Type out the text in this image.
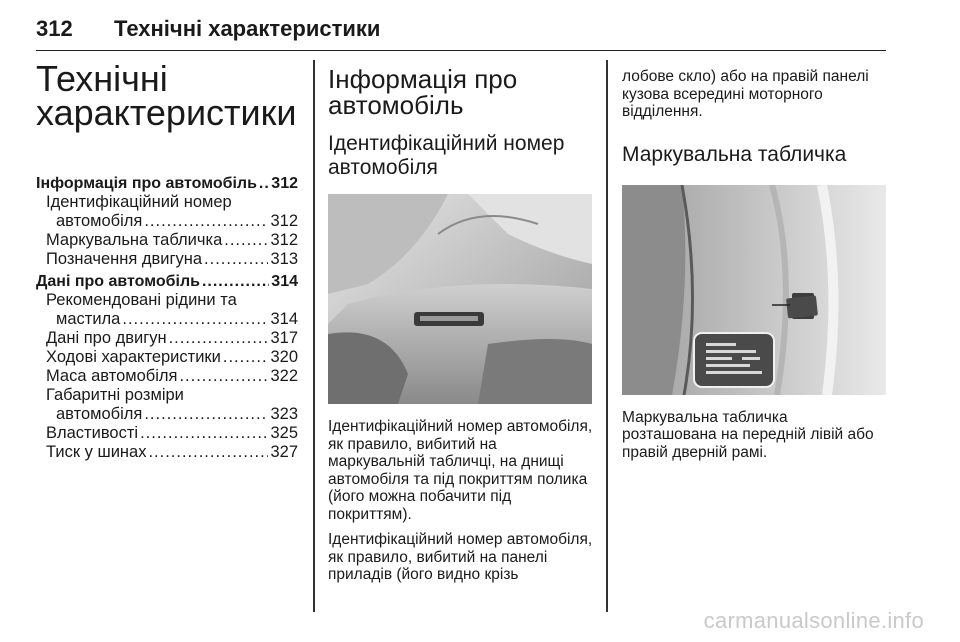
312 Технічні характеристики
Технічні
характеристики
Інформація про автомобіль ..... 312
Ідентифікаційний номер
автомобіля .....	312
Маркувальна табличка .....	312
Позначення двигуна .....	313
Дані про автомобіль .....	314
Рекомендовані рідини та
мастила .....	314
Дані про двигун .....	317
Ходові характеристики .....	320
Маса автомобіля .....	322
Габаритні розміри
автомобіля .....	323
Властивості .....	325
Тиск у шинах .....	327
Інформація про автомобіль
Ідентифікаційний номер автомобіля

Ідентифікаційний номер автомобіля, як правило, вибитий на маркувальній табличці, на днищі автомобіля та під покриттям полика (його можна побачити під покриттям).

Ідентифікаційний номер автомобіля, як правило, вибитий на панелі приладів (його видно крізь

лобове скло) або на правій панелі кузова всередині моторного відділення.

Маркувальна табличка

Маркувальна табличка

розташована на передній лівій або правій дверній рамі.

carmanualsonline.info
